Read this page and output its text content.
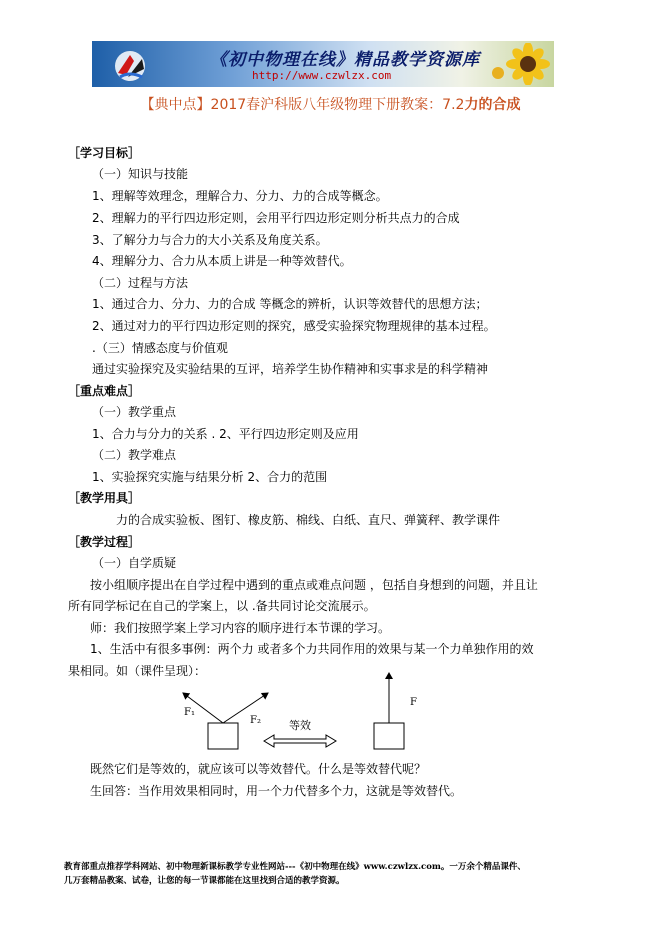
《初中物理在线》精品教学资源库
http://www.czwlzx.com
【典中点】2017春沪科版八年级物理下册教案：7.2力的合成
［学习目标］
（一）知识与技能
1、理解等效理念，理解合力、分力、力的合成等概念。
2、理解力的平行四边形定则，会用平行四边形定则分析共点力的合成
3、了解分力与合力的大小关系及角度关系。
4、理解分力、合力从本质上讲是一种等效替代。
（二）过程与方法
1、通过合力、分力、力的合成 等概念的辨析，认识等效替代的思想方法；
2、通过对力的平行四边形定则的探究，感受实验探究物理规律的基本过程。
.（三）情感态度与价值观
通过实验探究及实验结果的互评，培养学生协作精神和实事求是的科学精神
［重点难点］
（一）教学重点
1、合力与分力的关系 . 2、平行四边形定则及应用
（二）教学难点
1、实验探究实施与结果分析 2、合力的范围
［教学用具］
力的合成实验板、图钉、橡皮筋、棉线、白纸、直尺、弹簧秤、教学课件
［教学过程］
（一）自学质疑
按小组顺序提出在自学过程中遇到的重点或难点问题 ，包括自身想到的问题，并且让
所有同学标记在自己的学案上，以 .备共同讨论交流展示。
师：我们按照学案上学习内容的顺序进行本节课的学习。
1、生活中有很多事例：两个力 或者多个力共同作用的效果与某一个力单独作用的效
果相同。如（课件呈现）：
F₁
F₂	等效
F
既然它们是等效的，就应该可以等效替代。什么是等效替代呢？
生回答：当作用效果相同时，用一个力代替多个力，这就是等效替代。
教育部重点推荐学科网站、初中物理新课标教学专业性网站---《初中物理在线》www.czwlzx.com。一万余个精品课件、
几万套精品教案、试卷，让您的每一节课都能在这里找到合适的教学资源。
